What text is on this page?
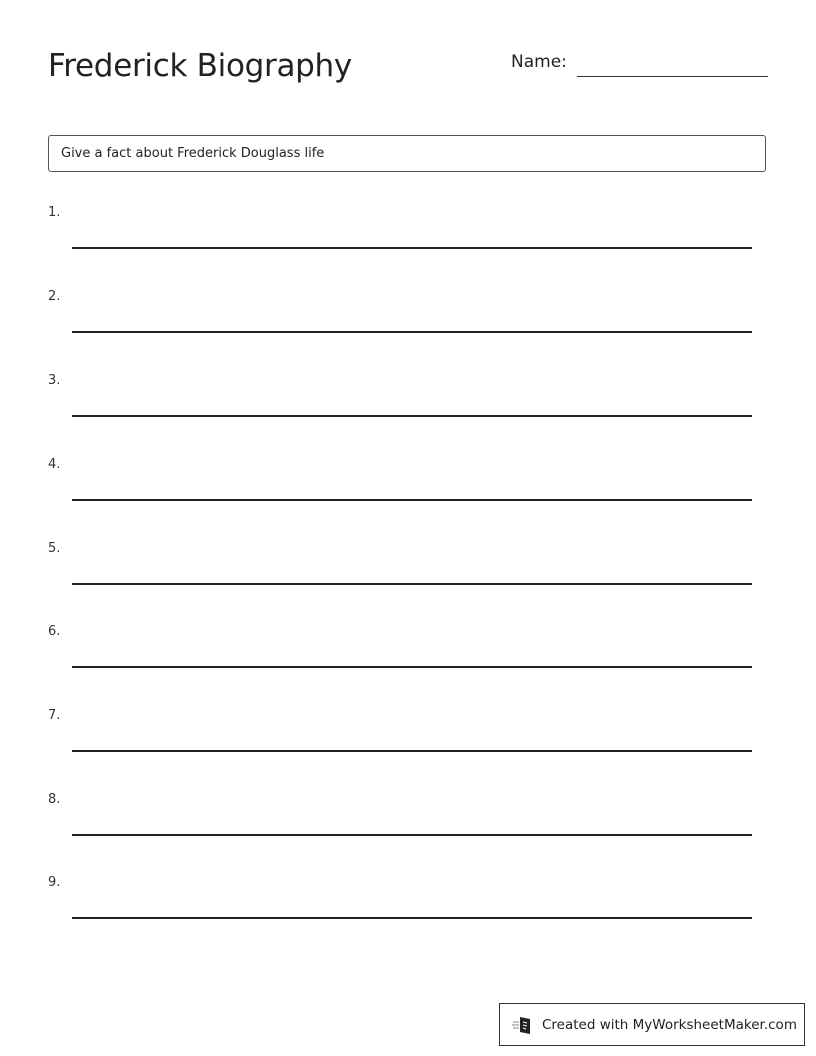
Frederick Biography	Name:
Give a fact about Frederick Douglass life
1.
2.
3.
4.
5.
6.
7.
8.
9.
Created with MyWorksheetMaker.com
